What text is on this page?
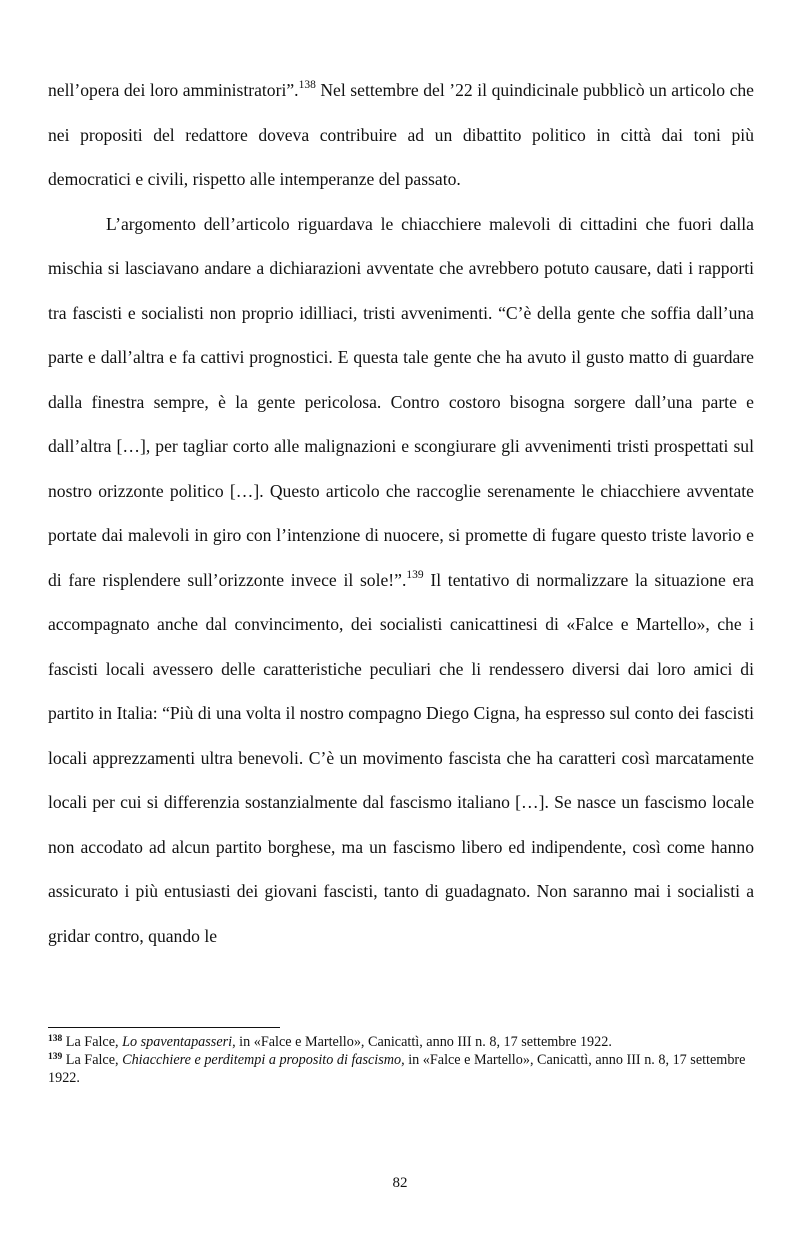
nell’opera dei loro amministratori”.$^{138}$ Nel settembre del ’22 il quindicinale pubblicò un articolo che nei propositi del redattore doveva contribuire ad un dibattito politico in città dai toni più democratici e civili, rispetto alle intemperanze del passato.

L’argomento dell’articolo riguardava le chiacchiere malevoli di cittadini che fuori dalla mischia si lasciavano andare a dichiarazioni avventate che avrebbero potuto causare, dati i rapporti tra fascisti e socialisti non proprio idilliaci, tristi avvenimenti. “C’è della gente che soffia dall’una parte e dall’altra e fa cattivi prognostici. E questa tale gente che ha avuto il gusto matto di guardare dalla finestra sempre, è la gente pericolosa. Contro costoro bisogna sorgere dall’una parte e dall’altra […], per tagliar corto alle malignazioni e scongiurare gli avvenimenti tristi prospettati sul nostro orizzonte politico […]. Questo articolo che raccoglie serenamente le chiacchiere avventate portate dai malevoli in giro con l’intenzione di nuocere, si promette di fugare questo triste lavorio e di fare risplendere sull’orizzonte invece il sole!”.$^{139}$ Il tentativo di normalizzare la situazione era accompagnato anche dal convincimento, dei socialisti canicattinesi di «Falce e Martello», che i fascisti locali avessero delle caratteristiche peculiari che li rendessero diversi dai loro amici di partito in Italia: “Più di una volta il nostro compagno Diego Cigna, ha espresso sul conto dei fascisti locali apprezzamenti ultra benevoli. C’è un movimento fascista che ha caratteri così marcatamente locali per cui si differenzia sostanzialmente dal fascismo italiano […]. Se nasce un fascismo locale non accodato ad alcun partito borghese, ma un fascismo libero ed indipendente, così come hanno assicurato i più entusiasti dei giovani fascisti, tanto di guadagnato. Non saranno mai i socialisti a gridar contro, quando le

$^{138}$ La Falce, Lo spaventapasseri, in «Falce e Martello», Canicattì, anno III n. 8, 17 settembre 1922.

$^{139}$ La Falce, Chiacchiere e perditempi a proposito di fascismo, in «Falce e Martello», Canicattì, anno III n. 8, 17 settembre 1922.

82
